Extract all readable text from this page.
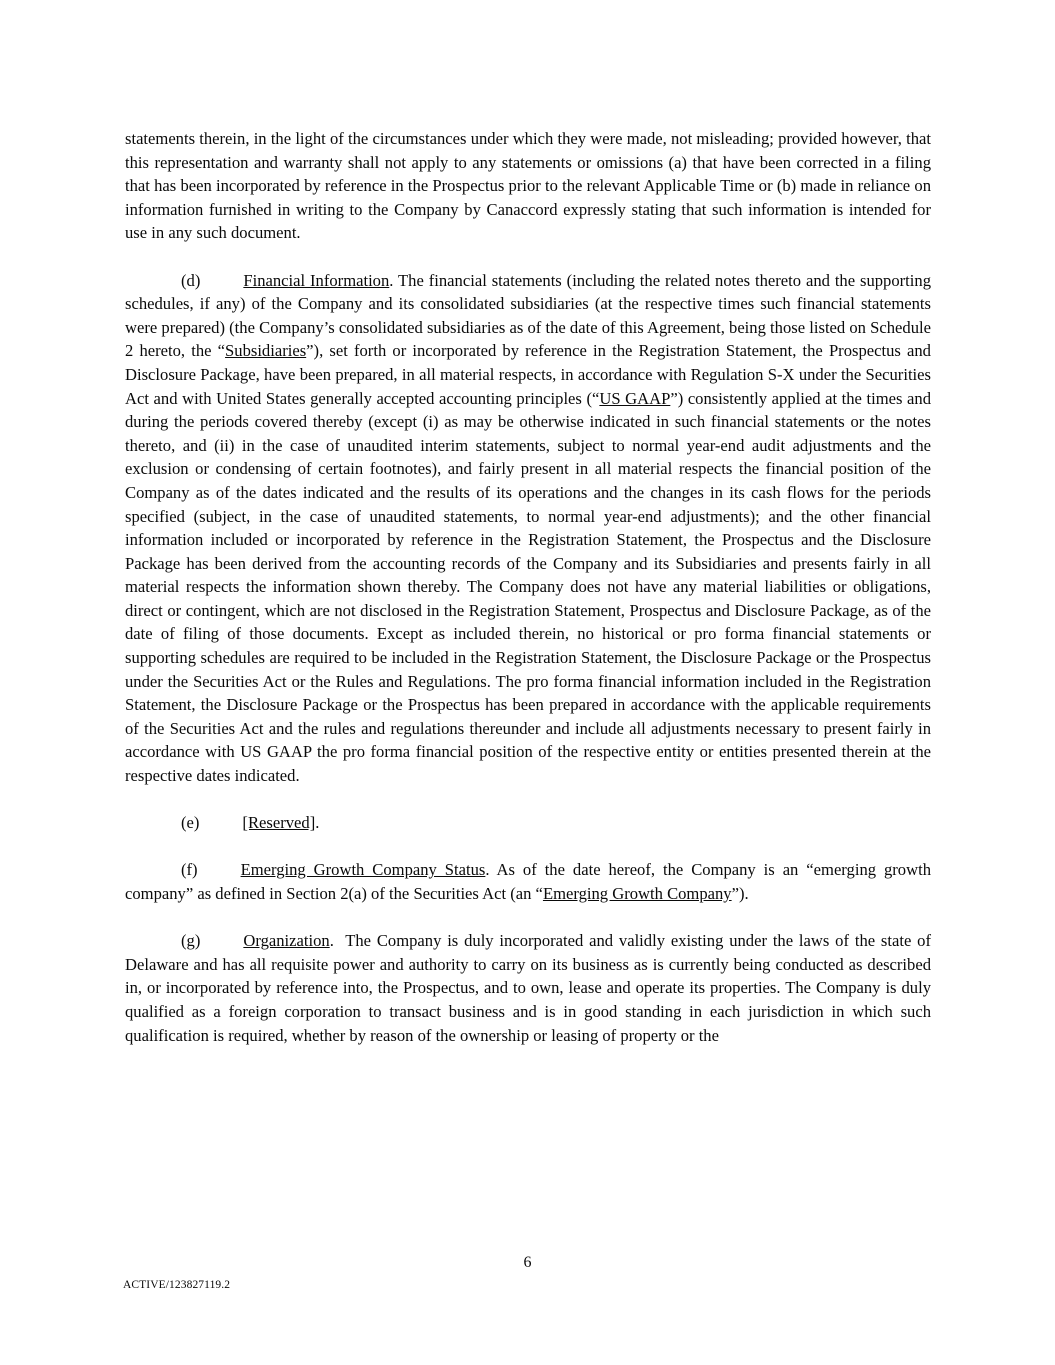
statements therein, in the light of the circumstances under which they were made, not misleading; provided however, that this representation and warranty shall not apply to any statements or omissions (a) that have been corrected in a filing that has been incorporated by reference in the Prospectus prior to the relevant Applicable Time or (b) made in reliance on information furnished in writing to the Company by Canaccord expressly stating that such information is intended for use in any such document.

(d)	Financial Information. The financial statements (including the related notes thereto and the supporting schedules, if any) of the Company and its consolidated subsidiaries (at the respective times such financial statements were prepared) (the Company’s consolidated subsidiaries as of the date of this Agreement, being those listed on Schedule 2 hereto, the “Subsidiaries”), set forth or incorporated by reference in the Registration Statement, the Prospectus and Disclosure Package, have been prepared, in all material respects, in accordance with Regulation S-X under the Securities Act and with United States generally accepted accounting principles (“US GAAP”) consistently applied at the times and during the periods covered thereby (except (i) as may be otherwise indicated in such financial statements or the notes thereto, and (ii) in the case of unaudited interim statements, subject to normal year-end audit adjustments and the exclusion or condensing of certain footnotes), and fairly present in all material respects the financial position of the Company as of the dates indicated and the results of its operations and the changes in its cash flows for the periods specified (subject, in the case of unaudited statements, to normal year-end adjustments); and the other financial information included or incorporated by reference in the Registration Statement, the Prospectus and the Disclosure Package has been derived from the accounting records of the Company and its Subsidiaries and presents fairly in all material respects the information shown thereby. The Company does not have any material liabilities or obligations, direct or contingent, which are not disclosed in the Registration Statement, Prospectus and Disclosure Package, as of the date of filing of those documents. Except as included therein, no historical or pro forma financial statements or supporting schedules are required to be included in the Registration Statement, the Disclosure Package or the Prospectus under the Securities Act or the Rules and Regulations. The pro forma financial information included in the Registration Statement, the Disclosure Package or the Prospectus has been prepared in accordance with the applicable requirements of the Securities Act and the rules and regulations thereunder and include all adjustments necessary to present fairly in accordance with US GAAP the pro forma financial position of the respective entity or entities presented therein at the respective dates indicated.

(e)	[Reserved].

(f)	Emerging Growth Company Status. As of the date hereof, the Company is an “emerging growth company” as defined in Section 2(a) of the Securities Act (an “Emerging Growth Company”).

(g)	Organization.  The Company is duly incorporated and validly existing under the laws of the state of Delaware and has all requisite power and authority to carry on its business as is currently being conducted as described in, or incorporated by reference into, the Prospectus, and to own, lease and operate its properties. The Company is duly qualified as a foreign corporation to transact business and is in good standing in each jurisdiction in which such qualification is required, whether by reason of the ownership or leasing of property or the

6
ACTIVE/123827119.2
